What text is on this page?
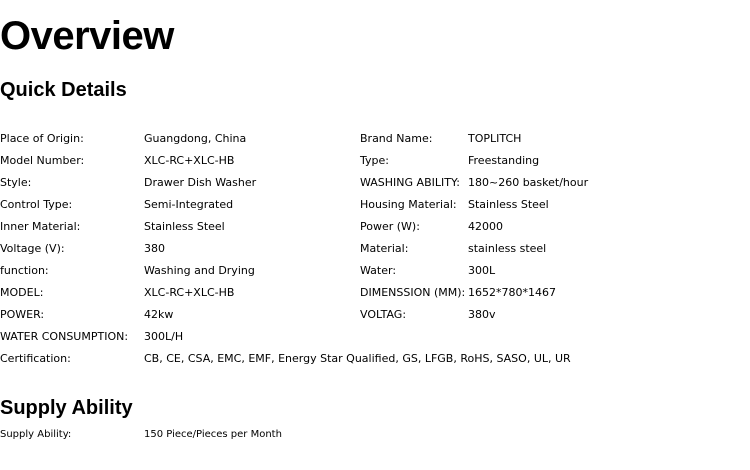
Overview
Quick Details
Place of Origin:	Guangdong, China	Brand Name:	TOPLITCH
Model Number:	XLC-RC+XLC-HB	Type:	Freestanding
Style:	Drawer Dish Washer	WASHING ABILITY: 180~260 basket/hour
Control Type:	Semi-Integrated	Housing Material: Stainless Steel
Inner Material:	Stainless Steel	Power (W):	42000
Voltage (V):	380	Material:	stainless steel
function:	Washing and Drying	Water:	300L
MODEL:	XLC-RC+XLC-HB	DIMENSSION (MM): 1652*780*1467
POWER:	42kw	VOLTAG:	380v
WATER CONSUMPTION: 300L/H
Certification:	CB, CE, CSA, EMC, EMF, Energy Star Qualified, GS, LFGB, RoHS, SASO, UL, UR
Supply Ability
Supply Ability:	150 Piece/Pieces per Month
